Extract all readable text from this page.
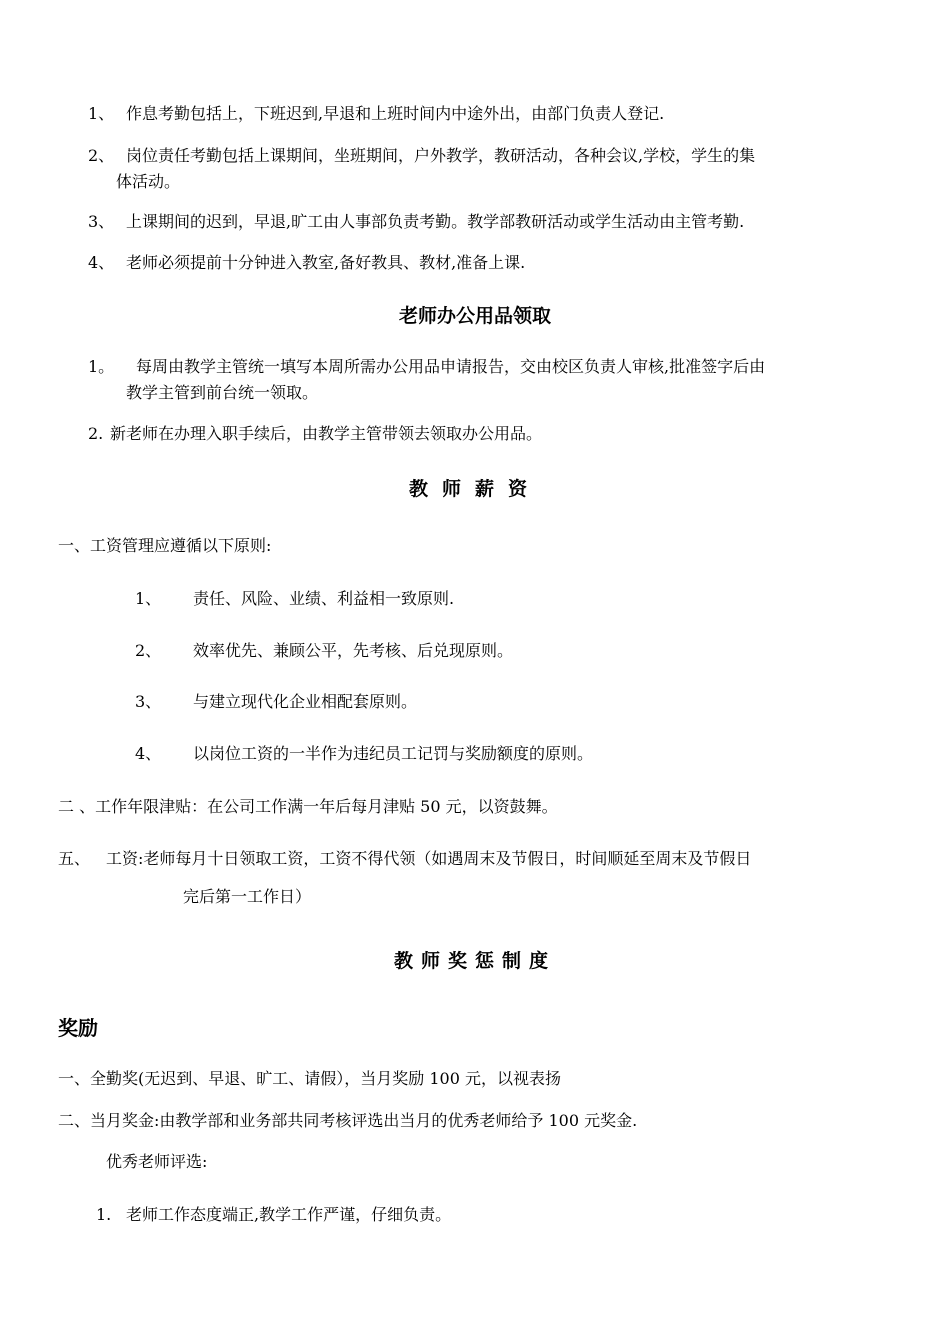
1、 作息考勤包括上，下班迟到,早退和上班时间内中途外出，由部门负责人登记.
2、 岗位责任考勤包括上课期间，坐班期间，户外教学，教研活动，各种会议,学校，学生的集
体活动。
3、 上课期间的迟到，早退,旷工由人事部负责考勤。教学部教研活动或学生活动由主管考勤.
4、 老师必须提前十分钟进入教室,备好教具、教材,准备上课.
老师办公用品领取
1。 每周由教学主管统一填写本周所需办公用品申请报告，交由校区负责人审核,批准签字后由
教学主管到前台统一领取。
2. 新老师在办理入职手续后，由教学主管带领去领取办公用品。
教师薪资
一、工资管理应遵循以下原则:
1、 责任、风险、业绩、利益相一致原则.
2、 效率优先、兼顾公平，先考核、后兑现原则。
3、 与建立现代化企业相配套原则。
4、 以岗位工资的一半作为违纪员工记罚与奖励额度的原则。
二 、工作年限津贴：在公司工作满一年后每月津贴 50 元，以资鼓舞。
五、 工资:老师每月十日领取工资，工资不得代领（如遇周末及节假日，时间顺延至周末及节假日
完后第一工作日）
教师奖惩制度
奖励
一、全勤奖(无迟到、早退、旷工、请假），当月奖励 100 元，以视表扬
二、当月奖金:由教学部和业务部共同考核评选出当月的优秀老师给予 100 元奖金.
优秀老师评选:
1. 老师工作态度端正,教学工作严谨，仔细负责。
